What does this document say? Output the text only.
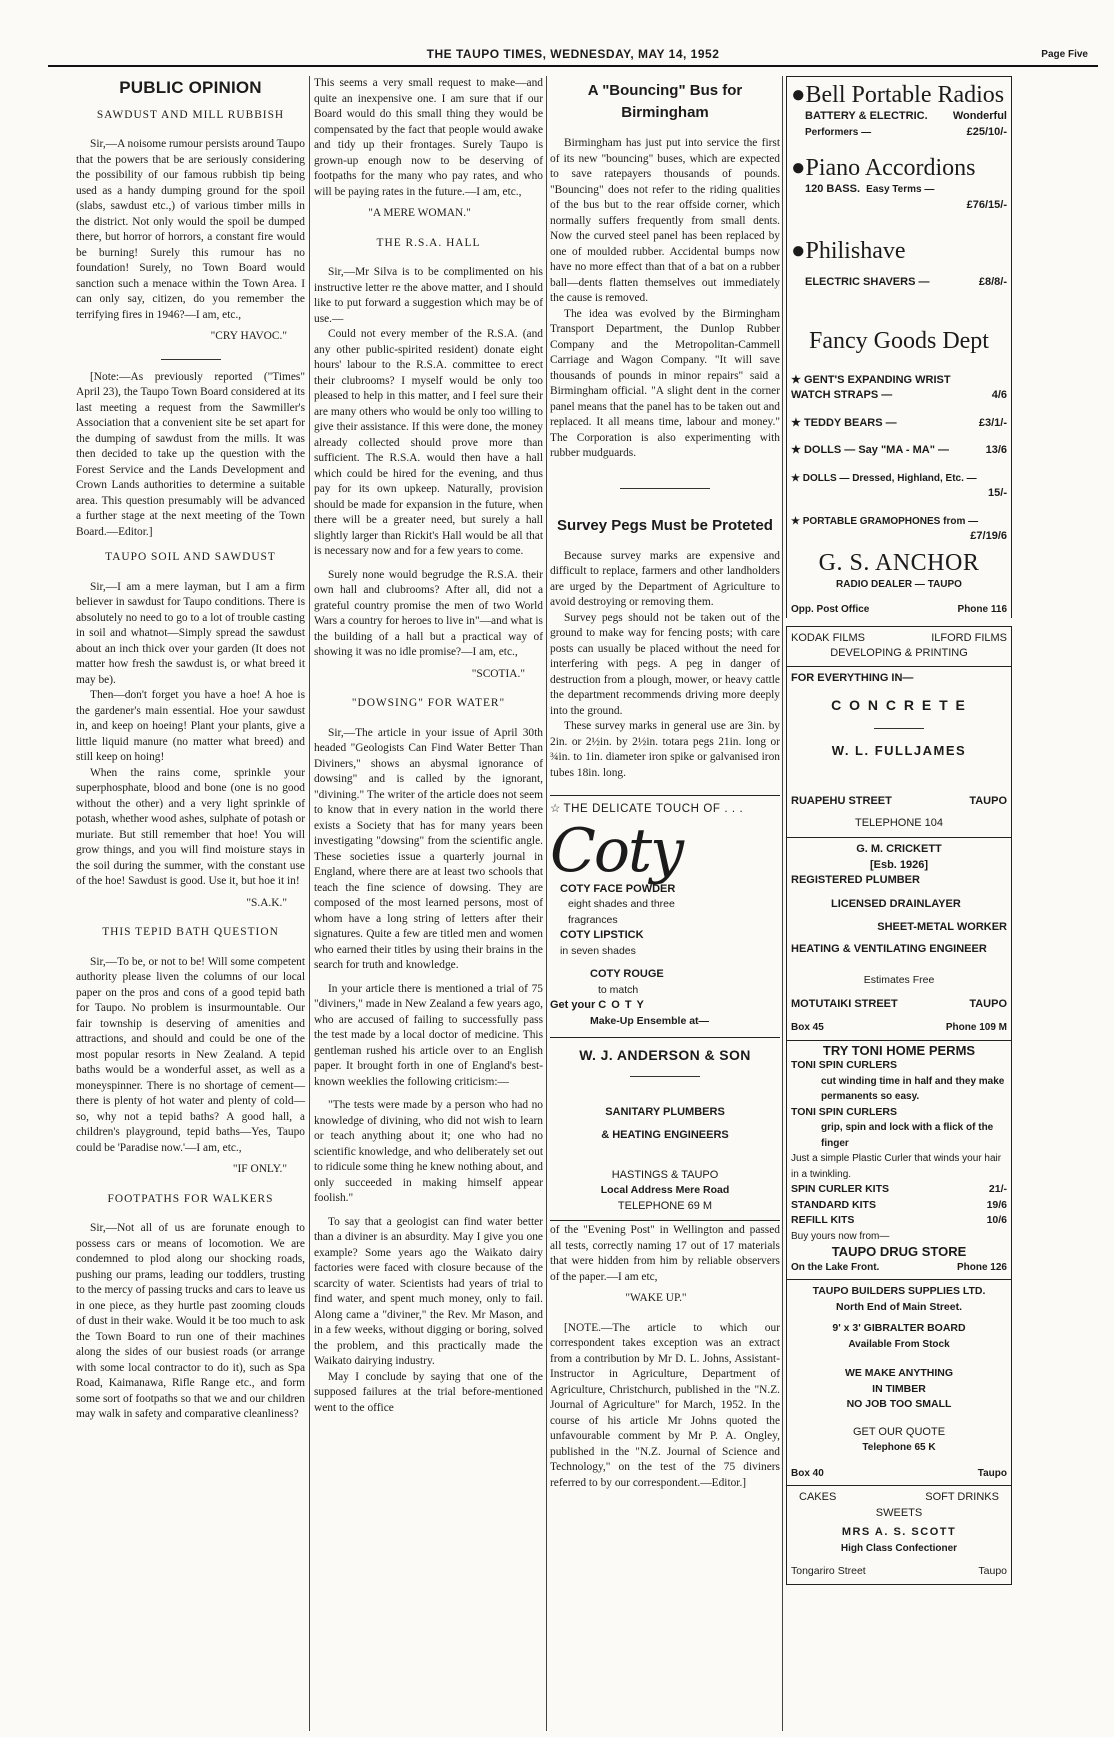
THE TAUPO TIMES, WEDNESDAY, MAY 14, 1952	Page Five
PUBLIC OPINION
SAWDUST AND MILL RUBBISH

Sir,—A noisome rumour persists around Taupo that the powers that be are seriously considering the possibility of our famous rubbish tip being used as a handy dumping ground for the spoil (slabs, sawdust etc.,) of various timber mills in the district. Not only would the spoil be dumped there, but horror of horrors, a constant fire would be burning! Surely this rumour has no foundation! Surely, no Town Board would sanction such a menace within the Town Area. I can only say, citizen, do you remember the terrifying fires in 1946?—I am, etc.,

"CRY HAVOC."

[Note:—As previously reported ("Times" April 23), the Taupo Town Board considered at its last meeting a request from the Sawmiller's Association that a convenient site be set apart for the dumping of sawdust from the mills. It was then decided to take up the question with the Forest Service and the Lands Development and Crown Lands authorities to determine a suitable area. This question presumably will be advanced a further stage at the next meeting of the Town Board.—Editor.]

TAUPO SOIL AND SAWDUST

Sir,—I am a mere layman, but I am a firm believer in sawdust for Taupo conditions. There is absolutely no need to go to a lot of trouble casting in soil and whatnot—Simply spread the sawdust about an inch thick over your garden (It does not matter how fresh the sawdust is, or what breed it may be).

Then—don't forget you have a hoe! A hoe is the gardener's main essential. Hoe your sawdust in, and keep on hoeing! Plant your plants, give a little liquid manure (no matter what breed) and still keep on hoing!

When the rains come, sprinkle your superphosphate, blood and bone (one is no good without the other) and a very light sprinkle of potash, whether wood ashes, sulphate of potash or muriate. But still remember that hoe! You will grow things, and you will find moisture stays in the soil during the summer, with the constant use of the hoe! Sawdust is good. Use it, but hoe it in!

"S.A.K."
THIS TEPID BATH QUESTION

Sir,—To be, or not to be! Will some competent authority please liven the columns of our local paper on the pros and cons of a good tepid bath for Taupo. No problem is insurmountable. Our fair township is deserving of amenities and attractions, and should and could be one of the most popular resorts in New Zealand. A tepid baths would be a wonderful asset, as well as a moneyspinner. There is no shortage of cement—there is plenty of hot water and plenty of cold—so, why not a tepid baths? A good hall, a children's playground, tepid baths—Yes, Taupo could be 'Paradise now.'—I am, etc.,

"IF ONLY."
FOOTPATHS FOR WALKERS

Sir,—Not all of us are forunate enough to possess cars or means of locomotion. We are condemned to plod along our shocking roads, pushing our prams, leading our toddlers, trusting to the mercy of passing trucks and cars to leave us in one piece, as they hurtle past zooming clouds of dust in their wake. Would it be too much to ask the Town Board to run one of their machines along the sides of our busiest roads (or arrange with some local contractor to do it), such as Spa Road, Kaimanawa, Rifle Range etc., and form some sort of footpaths so that we and our children may walk in safety and comparative cleanliness?

This seems a very small request to make—and quite an inexpensive one. I am sure that if our Board would do this small thing they would be compensated by the fact that people would awake and tidy up their frontages. Surely Taupo is grown-up enough now to be deserving of footpaths for the many who pay rates, and who will be paying rates in the future.—I am, etc.,

"A MERE WOMAN."
THE R.S.A. HALL

Sir,—Mr Silva is to be complimented on his instructive letter re the above matter, and I should like to put forward a suggestion which may be of use.—

Could not every member of the R.S.A. (and any other public-spirited resident) donate eight hours' labour to the R.S.A. committee to erect their clubrooms? I myself would be only too pleased to help in this matter, and I feel sure their are many others who would be only too willing to give their assistance. If this were done, the money already collected should prove more than sufficient. The R.S.A. would then have a hall which could be hired for the evening, and thus pay for its own upkeep. Naturally, provision should be made for expansion in the future, when there will be a greater need, but surely a hall slightly larger than Rickit's Hall would be all that is necessary now and for a few years to come.

Surely none would begrudge the R.S.A. their own hall and clubrooms? After all, did not a grateful country promise the men of two World Wars a country for heroes to live in"—and what is the building of a hall but a practical way of showing it was no idle promise?—I am, etc.,

"SCOTIA."
"DOWSING" FOR WATER"

Sir,—The article in your issue of April 30th headed "Geologists Can Find Water Better Than Diviners," shows an abysmal ignorance of dowsing" and is called by the ignorant, "divining." The writer of the article does not seem to know that in every nation in the world there exists a Society that has for many years been investigating "dowsing" from the scientific angle. These societies issue a quarterly journal in England, where there are at least two schools that teach the fine science of dowsing. They are composed of the most learned persons, most of whom have a long string of letters after their signatures. Quite a few are titled men and women who earned their titles by using their brains in the search for truth and knowledge.

In your article there is mentioned a trial of 75 "diviners," made in New Zealand a few years ago, who are accused of failing to successfully pass the test made by a local doctor of medicine. This gentleman rushed his article over to an English paper. It brought forth in one of England's best-known weeklies the following criticism:—

"The tests were made by a person who had no knowledge of divining, who did not wish to learn or teach anything about it; one who had no scientific knowledge, and who deliberately set out to ridicule some thing he knew nothing about, and only succeeded in making himself appear foolish."

To say that a geologist can find water better than a diviner is an absurdity. May I give you one example? Some years ago the Waikato dairy factories were faced with closure because of the scarcity of water. Scientists had years of trial to find water, and spent much money, only to fail. Along came a "diviner," the Rev. Mr Mason, and in a few weeks, without digging or boring, solved the problem, and this practically made the Waikato dairying industry.

May I conclude by saying that one of the supposed failures at the trial before-mentioned went to the office

A "Bouncing" Bus for Birmingham

Birmingham has just put into service the first of its new "bouncing" buses, which are expected to save ratepayers thousands of pounds. "Bouncing" does not refer to the riding qualities of the bus but to the rear offside corner, which normally suffers frequently from small dents. Now the curved steel panel has been replaced by one of moulded rubber. Accidental bumps now have no more effect than that of a bat on a rubber ball—dents flatten themselves out immediately the cause is removed.

The idea was evolved by the Birmingham Transport Department, the Dunlop Rubber Company and the Metropolitan-Cammell Carriage and Wagon Company. "It will save thousands of pounds in minor repairs" said a Birmingham official. "A slight dent in the corner panel means that the panel has to be taken out and replaced. It all means time, labour and money." The Corporation is also experimenting with rubber mudguards.

Survey Pegs Must be Proteted

Because survey marks are expensive and difficult to replace, farmers and other landholders are urged by the Department of Agriculture to avoid destroying or removing them.

Survey pegs should not be taken out of the ground to make way for fencing posts; with care posts can usually be placed without the need for interfering with pegs. A peg in danger of destruction from a plough, mower, or heavy cattle the department recommends driving more deeply into the ground.

These survey marks in general use are 3in. by 2in. or 2½in. by 2½in. totara pegs 21in. long or ¾in. to 1in. diameter iron spike or galvanised iron tubes 18in. long.

☆ THE DELICATE TOUCH OF . . .
Coty
COTY FACE POWDER
eight shades and three fragrances
COTY LIPSTICK
in seven shades
COTY ROUGE
to match
Get your C O T Y
Make-Up Ensemble at—
W. J. ANDERSON & SON
SANITARY PLUMBERS
& HEATING ENGINEERS
HASTINGS & TAUPO
Local Address Mere Road
TELEPHONE 69 M

of the "Evening Post" in Wellington and passed all tests, correctly naming 17 out of 17 materials that were hidden from him by reliable observers of the paper.—I am etc,

"WAKE UP."

[NOTE.—The article to which our correspondent takes exception was an extract from a contribution by Mr D. L. Johns, Assistant-Instructor in Agriculture, Department of Agriculture, Christchurch, published in the "N.Z. Journal of Agriculture" for March, 1952. In the course of his article Mr Johns quoted the unfavourable comment by Mr P. A. Ongley, published in the "N.Z. Journal of Science and Technology," on the test of the 75 diviners referred to by our correspondent.—Editor.]

●Bell Portable Radios
BATTERY & ELECTRIC. Wonderful
Performers —	£25/10/-
●Piano Accordions
120 BASS. Easy Terms —
£76/15/-
●Philishave
ELECTRIC SHAVERS —	£8/8/-
Fancy Goods Dept
★ GENT'S EXPANDING WRIST WATCH STRAPS —	4/6
★ TEDDY BEARS —	£3/1/-
★ DOLLS — Say "MA - MA" —	13/6
★ DOLLS — Dressed, Highland, Etc. —
15/-
★ PORTABLE GRAMOPHONES from —
£7/19/6
G. S. ANCHOR
RADIO DEALER — TAUPO
Opp. Post Office	Phone 116
KODAK FILMS	ILFORD FILMS
DEVELOPING & PRINTING
FOR EVERYTHING IN—
C O N C R E T E
W. L. FULLJAMES
RUAPEHU STREET	TAUPO
TELEPHONE 104
G. M. CRICKETT
[Esb. 1926]
REGISTERED PLUMBER
LICENSED DRAINLAYER
SHEET-METAL WORKER
HEATING & VENTILATING ENGINEER
Estimates Free
MOTUTAIKI STREET	TAUPO
Box 45	Phone 109 M
TRY TONI HOME PERMS
TONI SPIN CURLERS
cut winding time in half and they make permanents so easy.
TONI SPIN CURLERS
grip, spin and lock with a flick of the finger
Just a simple Plastic Curler that winds your hair in a twinkling.
SPIN CURLER KITS	21/-
STANDARD KITS	19/6
REFILL KITS	10/6
Buy yours now from—
TAUPO DRUG STORE
On the Lake Front.	Phone 126
TAUPO BUILDERS SUPPLIES LTD.
North End of Main Street.
9' x 3' GIBRALTER BOARD
Available From Stock
WE MAKE ANYTHING
IN TIMBER
NO JOB TOO SMALL
GET OUR QUOTE
Telephone 65 K
Box 40	Taupo
CAKES	SOFT DRINKS
SWEETS
MRS A. S. SCOTT
High Class Confectioner
Tongariro Street	Taupo
